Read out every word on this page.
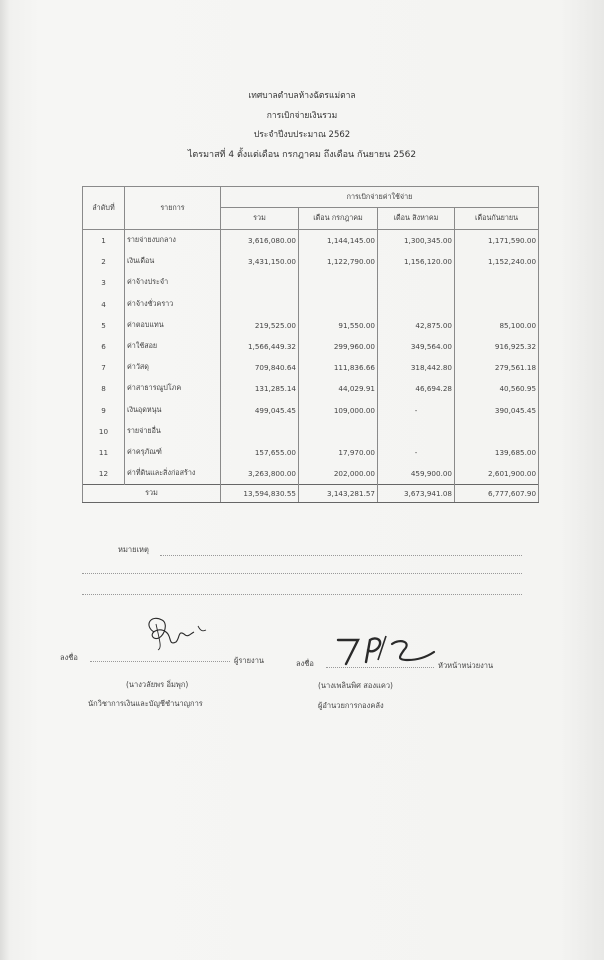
เทศบาลตำบลห้างฉัตรแม่ตาล
การเบิกจ่ายเงินรวม
ประจำปีงบประมาณ 2562
ไตรมาสที่ 4 ตั้งแต่เดือน กรกฎาคม ถึงเดือน กันยายน 2562
ลำดับที่	รายการ	การเบิกจ่ายค่าใช้จ่าย			
		รวม	เดือน กรกฎาคม	เดือน สิงหาคม	เดือนกันยายน
1	รายจ่ายงบกลาง	3,616,080.00	1,144,145.00	1,300,345.00	1,171,590.00
2	เงินเดือน	3,431,150.00	1,122,790.00	1,156,120.00	1,152,240.00
3	ค่าจ้างประจำ				
4	ค่าจ้างชั่วคราว				
5	ค่าตอบแทน	219,525.00	91,550.00	42,875.00	85,100.00
6	ค่าใช้สอย	1,566,449.32	299,960.00	349,564.00	916,925.32
7	ค่าวัสดุ	709,840.64	111,836.66	318,442.80	279,561.18
8	ค่าสาธารณูปโภค	131,285.14	44,029.91	46,694.28	40,560.95
9	เงินอุดหนุน	499,045.45	109,000.00	-	390,045.45
10	รายจ่ายอื่น				
11	ค่าครุภัณฑ์	157,655.00	17,970.00	-	139,685.00
12	ค่าที่ดินและสิ่งก่อสร้าง	3,263,800.00	202,000.00	459,900.00	2,601,900.00
รวม		13,594,830.55	3,143,281.57	3,673,941.08	6,777,607.90
หมายเหตุ
ลงชื่อ	ผู้รายงาน
(นางวลัยพร อิ่มพุก)
นักวิชาการเงินและบัญชีชำนาญการ
ลงชื่อ	หัวหน้าหน่วยงาน
(นางเพลินพิศ สองแคว)
ผู้อำนวยการกองคลัง
